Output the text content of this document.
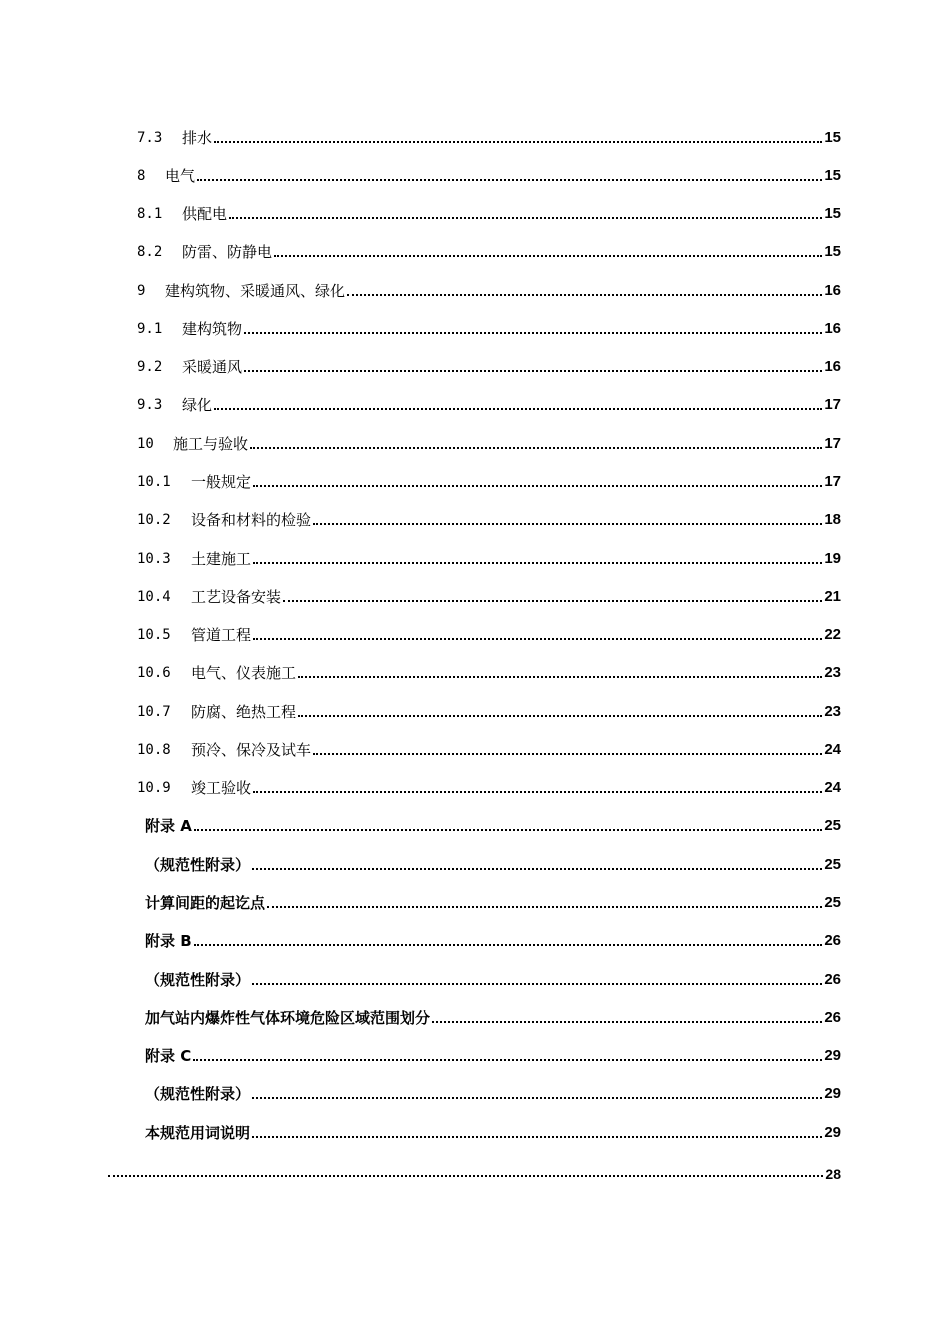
7.3	排水	15
8	电气	15
8.1	供配电	15
8.2	防雷、防静电	15
9	建构筑物、采暖通风、绿化	16
9.1	建构筑物	16
9.2	采暖通风	16
9.3	绿化	17
10	施工与验收	17
10.1	一般规定	17
10.2	设备和材料的检验	18
10.3	土建施工	19
10.4	工艺设备安装	21
10.5	管道工程	22
10.6	电气、仪表施工	23
10.7	防腐、绝热工程	23
10.8	预冷、保冷及试车	24
10.9	竣工验收	24
附录 A	25
（规范性附录）	25
计算间距的起讫点	25
附录 B	26
（规范性附录）	26
加气站内爆炸性气体环境危险区域范围划分	26
附录 C	29
（规范性附录）	29
本规范用词说明	29
28
